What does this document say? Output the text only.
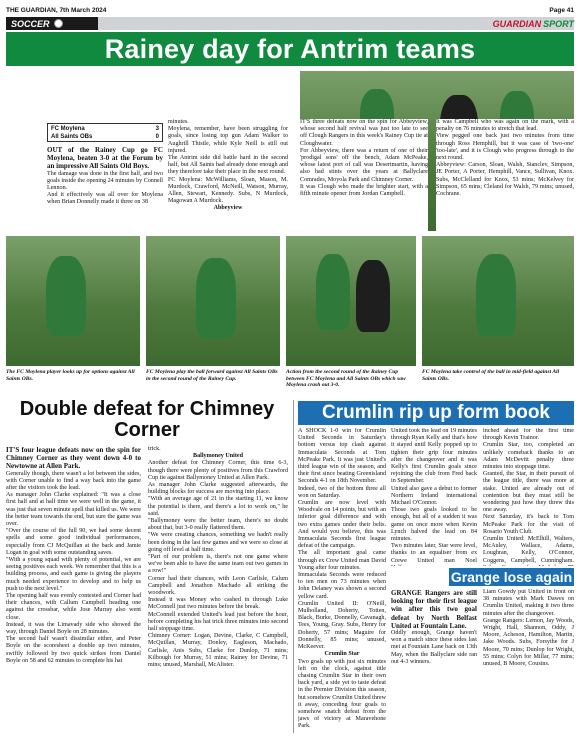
THE GUARDIAN, 7th March 2024	Page 41
SOCCER	GUARDIAN SPORT
Rainey day for Antrim teams
FC Moylena	3
All Saints OBs	0

OUT of the Rainey Cup go FC Moylena, beaten 3-0 at the Forum by an impressive All Saints Old Boys.

The damage was done in the first half, and two goals inside the opening 24 minutes by Connell Lennon.

And it effectively was all over for Moylena when Brian Donnelly made it three on 38

minutes.

Moylena, remember, have been struggling for goals, since losing top gun Adam Walker to Aughrill Thistle, while Kyle Neill is still out injured.

The Antrim side did battle hard in the second half, but All Saints had already done enough and they therefore take their place in the next round.

FC Moylena: McWilliams, Sloan, Mason, M. Murdock, Crawford, McNeill, Watson, Murray, Allen, Stewart, Kennedy. Subs, N Murdock, Magowan A Murdock.

Abbeyview

IT'S three defeats now on the spin for Abbeyview, whose second half revival was just too late to see off Clough Rangers in this week's Rainey Cup tie at Cloughwater.

For Abbeyview, there was a return of one of their 'prodigal sons' off the bench, Adam McPeake, whose latest port of call was Desertmartin, having also had stints over the years at Ballyclare Comrades, Moyola Park and Chimney Corner.

It was Clough who made the brighter start, with a fifth minute opener from Jordan Campbell.

It was Campbell who was again on the mark, with a penalty on 76 minutes to stretch that lead.

View pegged one back just two minutes from time through Ross Hemphill, but it was case of 'two-one' 'too-late', and it is Clough who progress through to the next round.

Abbeyview: Carson, Sloan, Walsh, Stanclev, Simpson, JE Porter, A Porter, Hemphill, Vance, Sullivan, Knox. Subs, McClelland for Knox, 53 mins; McKelvey for Simpson, 65 mins; Cleland for Walsh, 79 mins; unused, Cochrane.

The FC Moylena player looks up for options against All Saints OBs.
FC Moylena play the ball forward against All Saints OBs in the second round of the Rainey Cup.
Action from the second round of the Rainey Cup between FC Moylena and All Saints OBs which saw Moylena crash out 3-0.
FC Moylena take control of the ball in mid-field against All Saints OBs.
Double defeat for Chimney Corner

IT'S four league defeats now on the spin for Chimney Corner as they went down 4-0 to Newtowne at Allen Park.

Generally though, there wasn't a lot between the sides, with Corner unable to find a way back into the game after the visitors took the lead.

As manager John Clarke explained: "It was a close first half and at half time we were well in the game, it was just that seven minute spell that killed us. We were the better team towards the end, but sure the game was over.

"Over the course of the full 90, we had some decent spells and some good individual performances, especially from CJ McQuillan at the back and Jamie Logan in goal with some outstanding saves.

"With a young squad with plenty of potential, we are seeing positives each week. We remember that this is a building process, and each game is giving the players much needed experience to develop and to help us push to the next level."

The opening half was evenly contested and Corner had their chances, with Callum Campbell heading one against the crossbar, while Jose Murray also went close.

Instead, it was the Limavady side who showed the way, through Daniel Boyle on 28 minutes.

The second half wasn't dissimilar either, and Peter Boyle on the scoresheet a double up two minutes, swiftly followed by two quick strikes from Daniel Boyle on 58 and 62 minutes to complete his hat

trick.

Ballymoney United

Another defeat for Chimney Corner, this time 6-3, though there were plenty of positives from this Crawford Cup tie against Ballymoney United at Allen Park.

As manager John Clarke suggested afterwards, the building blocks for success are moving into place.

"With an average age of 21 in the starting 11, we know the potential is there, and there's a lot to work on," he said.

"Ballymoney were the better team, there's no doubt about that, but 3-0 really flattered them.

"We were creating chances, something we hadn't really been doing in the last few games and we were so close at going off level at half time.

"Part of our problem is, there's not one game where we've been able to have the same team out two games in a row!"

Corner had their chances, with Leon Carlisle, Calum Campbell and Jonathon Machado all striking the woodwork.

Instead it was Money who cashed in through Luke McConnell just two minutes before the break.

McConnell extended United's lead just before the hour, before completing his hat trick three minutes into second half stoppage time.

Chimney Corner: Logan, Devine, Clarke, C Campbell, McQuillan, Murray, Donley, Eagleson, Machado, Carlisle, Anis Subs, Clarke for Dunlop, 71 mins; Kilbough for Murray, 51 mins; Rainey for Devine, 71 mins; unused, Marshall, McAlister.

Crumlin rip up form book

A SHOCK 1-0 win for Crumlin United Seconds in Saturday's bottom versus top clash against Immaculata Seconds at Tom McPeake Park. It was just United's third league win of the season, and their first since beating Greenisland Seconds 4-1 on 18th November.

Indeed, two of the bottom three all won on Saturday.

Crumlin are now level with Woodvale on 14 points, but with an inferior goal difference and with two extra games under their belts. And would you believe, this was Immaculata Seconds first league defeat of the campaign.

The all important goal came through ex Crew United man David Young after four minutes.

Immaculata Seconds were reduced to ten men on 73 minutes when John Delaney was shown a second yellow card.

Crumlin United II: O'Neill, Mulholland, Doherty, Totten, Black, Burke, Donnelly, Cavanagh, Tees, Young, Gray. Subs, Henry for Doherty, 57 mins; Maguire for Donnelly, 85 mins; unused, McKeever.

Crumlin Star

Two goals up with just six minutes left on the clock, against title chasing Crumlin Star in their own back yard, a side yet to taste defeat in the Premier Division this season, but somehow Crumlin United threw it away, conceding four goals to somehow snatch defeat from the jaws of victory at Maravehone Park.

United took the lead on 19 minutes through Ryan Kelly and that's how it stayed until Kelly popped up to tighten their grip four minutes after the changeover and it was Kelly's first Crumlin goals since rejoining the club from Fred back in September.

United also gave a debut to former Northern Ireland international Michael O'Connor.

Those two goals looked to be enough, but all of a sudden it was game on once more when Kevin Lynch halved the lead on 84 minutes.

Two minutes later, Star were level, thanks to an equaliser from ex Crewe United man Noel

inched ahead for the first time through Kevin Trainor.

Crumlin Star, too, completed an unlikely comeback thanks to an Adam McDevitt penalty three minutes into stoppage time.

Granted, the Star, in their pursuit of the league title, there was more at stake. United are already out of contention but they must still be wondering just how they threw this one away.

Next Saturday, it's back to Tom McPeake Park for the visit of Rosario Youth Club.

Crumlin United: McElhill, Walters, McAuley, Wallace, Adams, Loughran, Kelly, O'Connor, Coggens, Campbell, Cunningham.

Grange lose again

GRANGE Rangers are still looking for their first league win after this two goal defeat by North Belfast United at Fountain Lane.

Oddly enough, Grange haven't won a match since these sides last met at Fountain Lane back on 13th May, when the Ballyclare side ran out 4-3 winners.

Liam Gowdy put United in front on 38 minutes with Mark Dawes on Crumlin United, making it two three minutes after the changeover.

Grange Rangers: Lemon, Jay Woods, Wright, Hall, Shannon, Oddy, J Moore, Acheson, Hamilton, Martin, Jake Woods. Subs, Forsythe for J Moore, 70 mins; Dunlop for Wright, 55 mins; Colyn for Millar, 77 mins; unused, B Moore, Cousins.
